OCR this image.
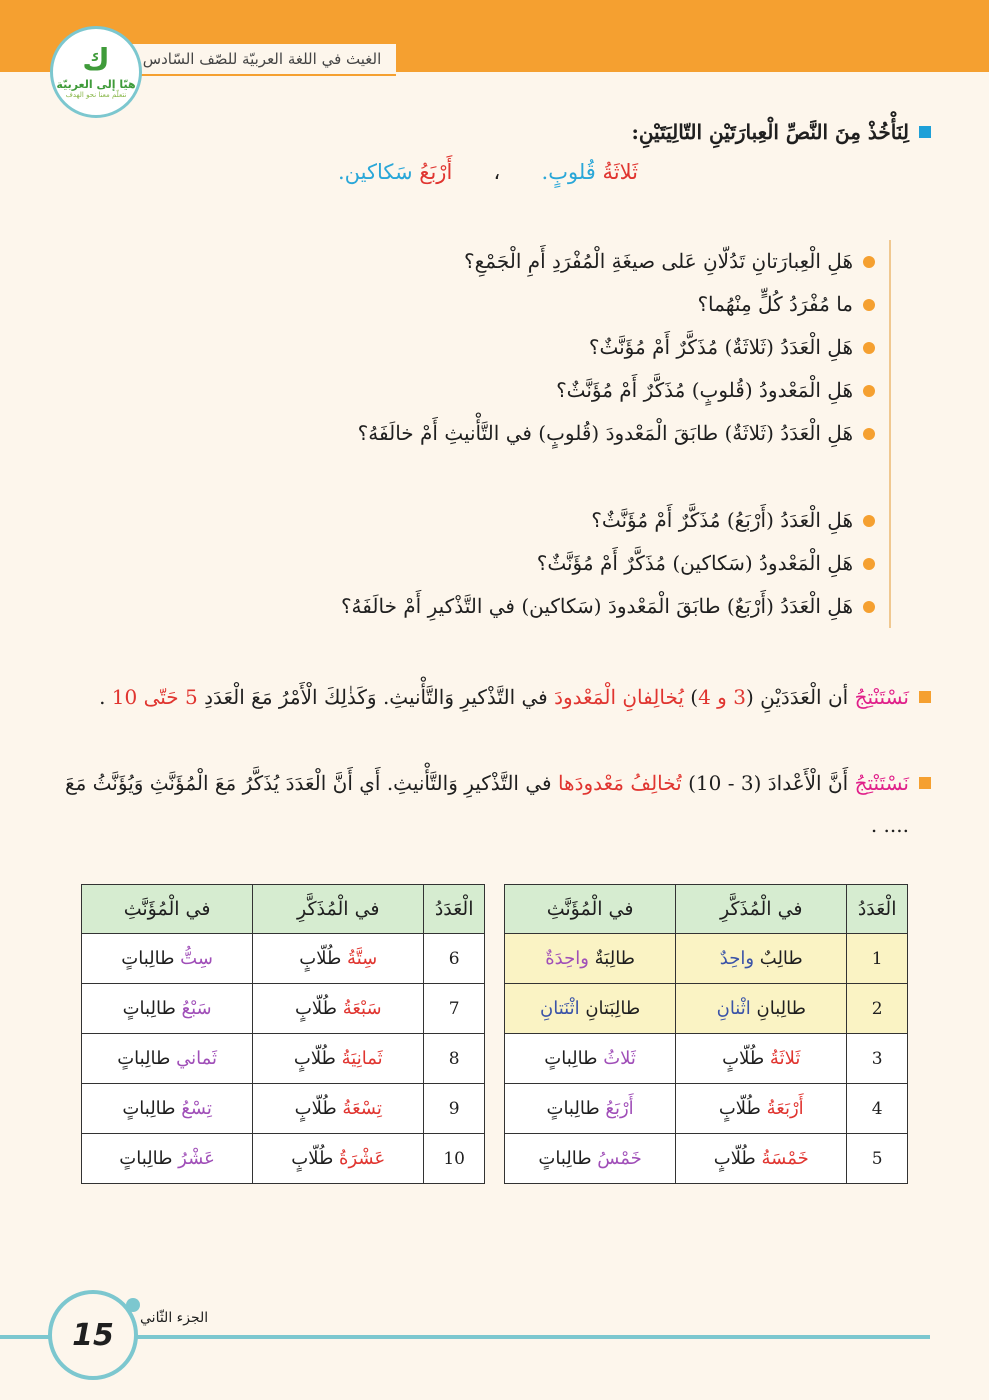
الغيث في اللغة العربيّة للصّف السّادس
ك
هيّا إلى العربيّة
نتعلّم معنا نحو الهدف
لِنَأْخُذْ مِنَ النَّصِّ الْعِبارَتَيْنِ التّالِيَتَيْنِ:
ثَلاثَةُ قُلوبٍ.
،
أَرْبَعُ سَكاكين.
هَلِ الْعِبارَتانِ تَدُلّانِ عَلى صيغَةِ الْمُفْرَدِ أَمِ الْجَمْعِ؟
ما مُفْرَدُ كُلٍّ مِنْهُما؟
هَلِ الْعَدَدُ (ثَلاثَةٌ) مُذَكَّرٌ أَمْ مُؤَنَّثٌ؟
هَلِ الْمَعْدودُ (قُلوبٍ) مُذَكَّرٌ أَمْ مُؤَنَّثٌ؟
هَلِ الْعَدَدُ (ثَلاثَةٌ) طابَقَ الْمَعْدودَ (قُلوبٍ) في التَّأْنيثِ أَمْ خالَفَهُ؟
هَلِ الْعَدَدُ (أَرْبَعُ) مُذَكَّرٌ أَمْ مُؤَنَّثٌ؟
هَلِ الْمَعْدودُ (سَكاكين) مُذَكَّرٌ أَمْ مُؤَنَّثٌ؟
هَلِ الْعَدَدُ (أَرْبَعٌ) طابَقَ الْمَعْدودَ (سَكاكين) في التَّذْكيرِ أَمْ خالَفَهُ؟
نَسْتَنْتِجُ أن الْعَدَدَيْنِ (3 و 4) يُخالِفانِ الْمَعْدودَ في التَّذْكيرِ وَالتَّأْنيثِ. وَكَذٰلِكَ الْأَمْرُ مَعَ الْعَدَدِ 5 حَتّى 10 .
نَسْتَنْتِجُ أَنَّ الْأَعْدادَ (3 - 10) تُخالِفُ مَعْدودَها في التَّذْكيرِ وَالتَّأْنيثِ. أَي أَنَّ الْعَدَدَ يُذَكَّرُ مَعَ الْمُؤَنَّثِ وَيُؤَنَّثُ مَعَ .... .
الْعَدَدُ	في الْمُذَكَّرِ	في الْمُؤَنَّثِ
1	طالِبٌ واحِدٌ	طالِبَةٌ واحِدَةٌ
2	طالِبانِ اثْنانِ	طالِبَتانِ اثْنَتانِ
3	ثَلاثَةُ طُلّابٍ	ثَلاثُ طالِباتٍ
4	أَرْبَعَةُ طُلّابٍ	أَرْبَعُ طالِباتٍ
5	خَمْسَةُ طُلّابٍ	خَمْسُ طالِباتٍ
الْعَدَدُ	في الْمُذَكَّرِ	في الْمُؤَنَّثِ
6	سِتَّةُ طُلّابٍ	سِتُّ طالِباتٍ
7	سَبْعَةُ طُلّابٍ	سَبْعُ طالِباتٍ
8	ثَمانِيَةُ طُلّابٍ	ثَماني طالِباتٍ
9	تِسْعَةُ طُلّابٍ	تِسْعُ طالِباتٍ
10	عَشْرَةُ طُلّابٍ	عَشْرُ طالِباتٍ
15	الجزء الثّاني
